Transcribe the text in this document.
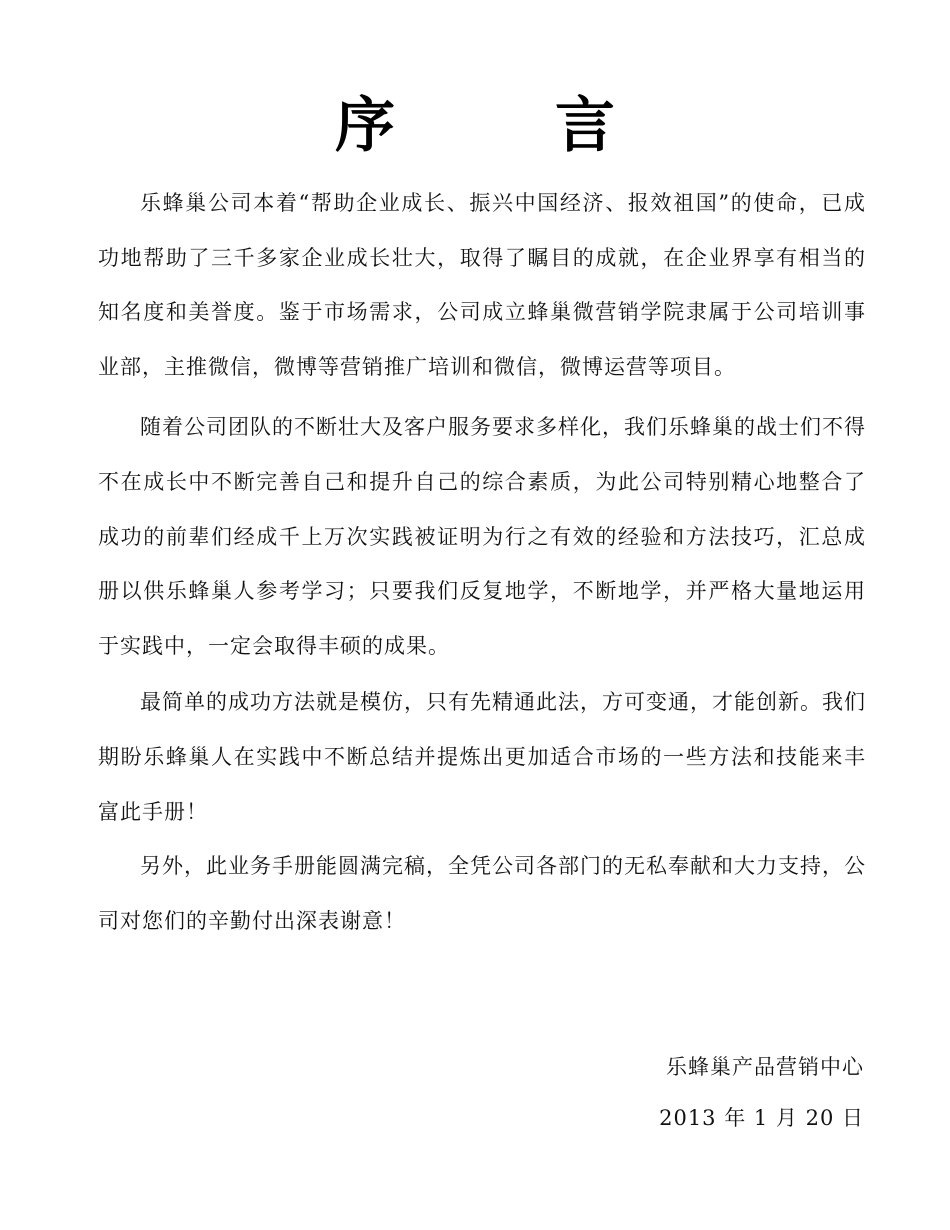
序　言

乐蜂巢公司本着“帮助企业成长、振兴中国经济、报效祖国”的使命，已成功地帮助了三千多家企业成长壮大，取得了瞩目的成就，在企业界享有相当的知名度和美誉度。鉴于市场需求，公司成立蜂巢微营销学院隶属于公司培训事业部，主推微信，微博等营销推广培训和微信，微博运营等项目。

随着公司团队的不断壮大及客户服务要求多样化，我们乐蜂巢的战士们不得不在成长中不断完善自己和提升自己的综合素质，为此公司特别精心地整合了成功的前辈们经成千上万次实践被证明为行之有效的经验和方法技巧，汇总成册以供乐蜂巢人参考学习；只要我们反复地学，不断地学，并严格大量地运用于实践中，一定会取得丰硕的成果。

最简单的成功方法就是模仿，只有先精通此法，方可变通，才能创新。我们期盼乐蜂巢人在实践中不断总结并提炼出更加适合市场的一些方法和技能来丰富此手册！

另外，此业务手册能圆满完稿，全凭公司各部门的无私奉献和大力支持，公司对您们的辛勤付出深表谢意！

乐蜂巢产品营销中心
2013 年 1 月 20 日
